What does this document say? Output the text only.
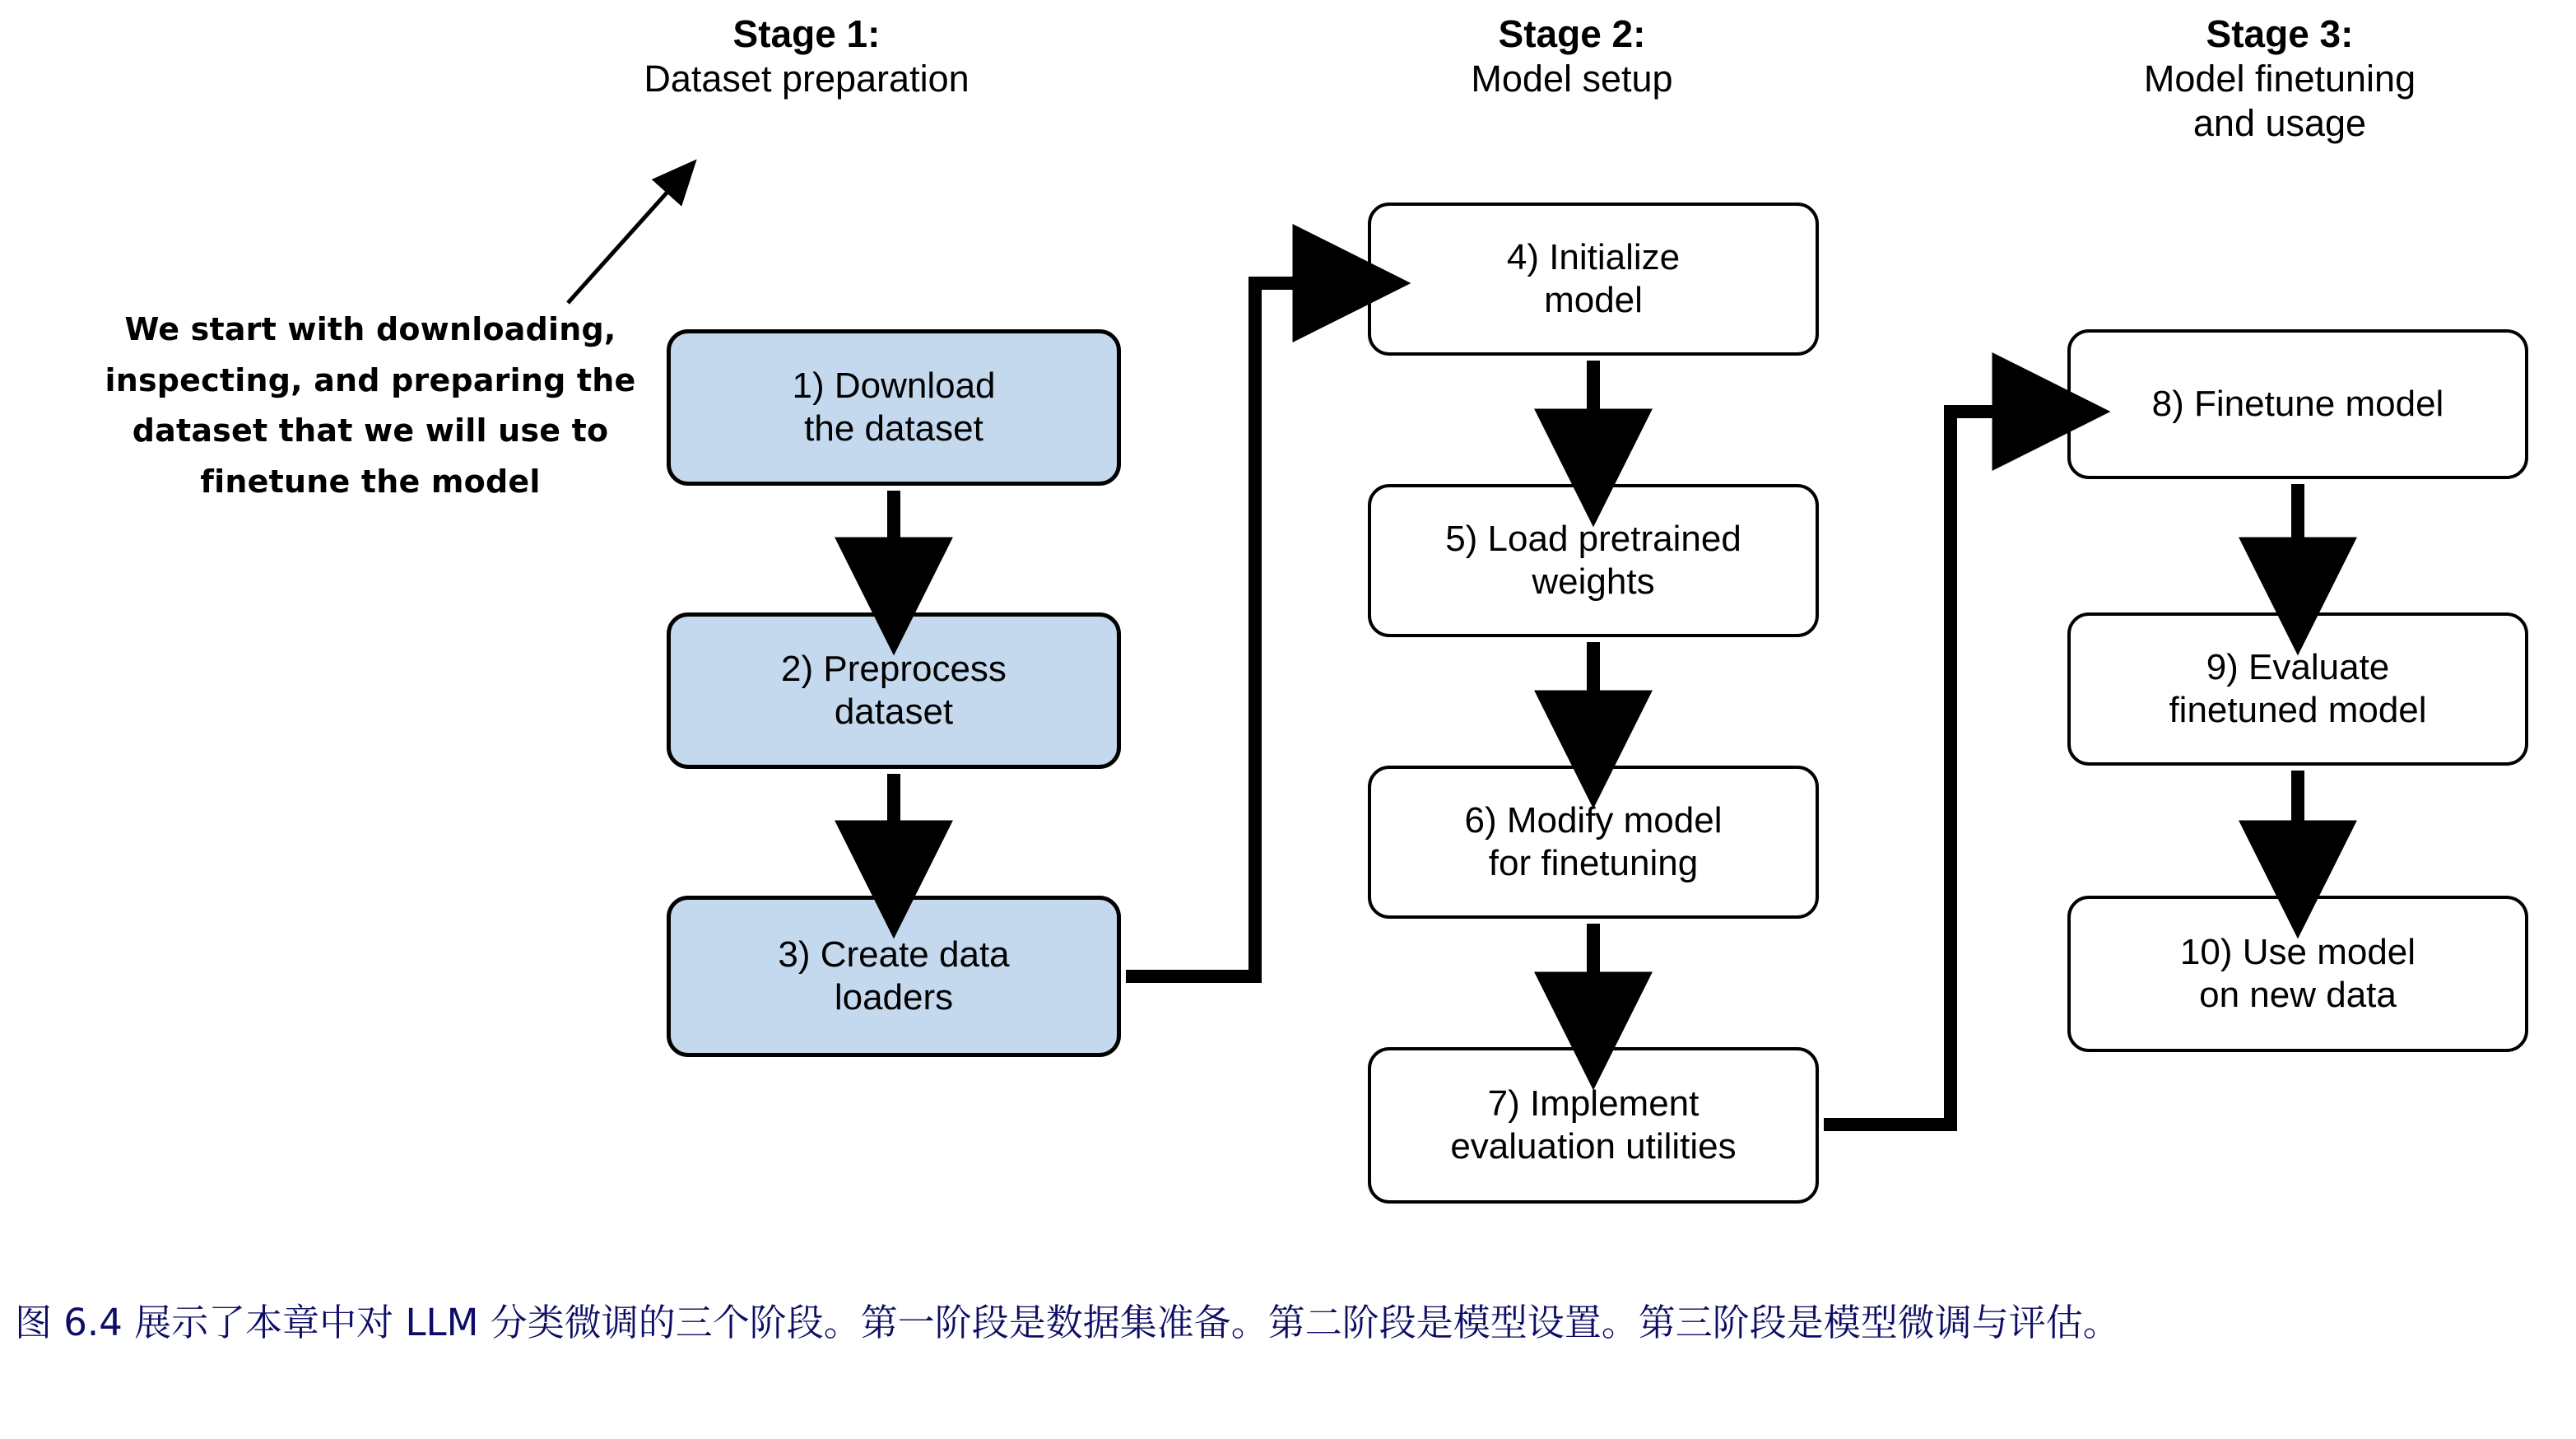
Stage 1:
Dataset preparation
Stage 2:
Model setup
Stage 3:
Model finetuning
and usage
We start with downloading, inspecting, and preparing the dataset that we will use to finetune the model
1) Download
the dataset
2) Preprocess
dataset
3) Create data
loaders
4) Initialize
model
5) Load pretrained
weights
6) Modify model
for finetuning
7) Implement
evaluation utilities
8) Finetune model
9) Evaluate
finetuned model
10) Use model
on new data
图 6.4 展示了本章中对 LLM 分类微调的三个阶段。第一阶段是数据集准备。第二阶段是模型设置。第三阶段是模型微调与评估。
